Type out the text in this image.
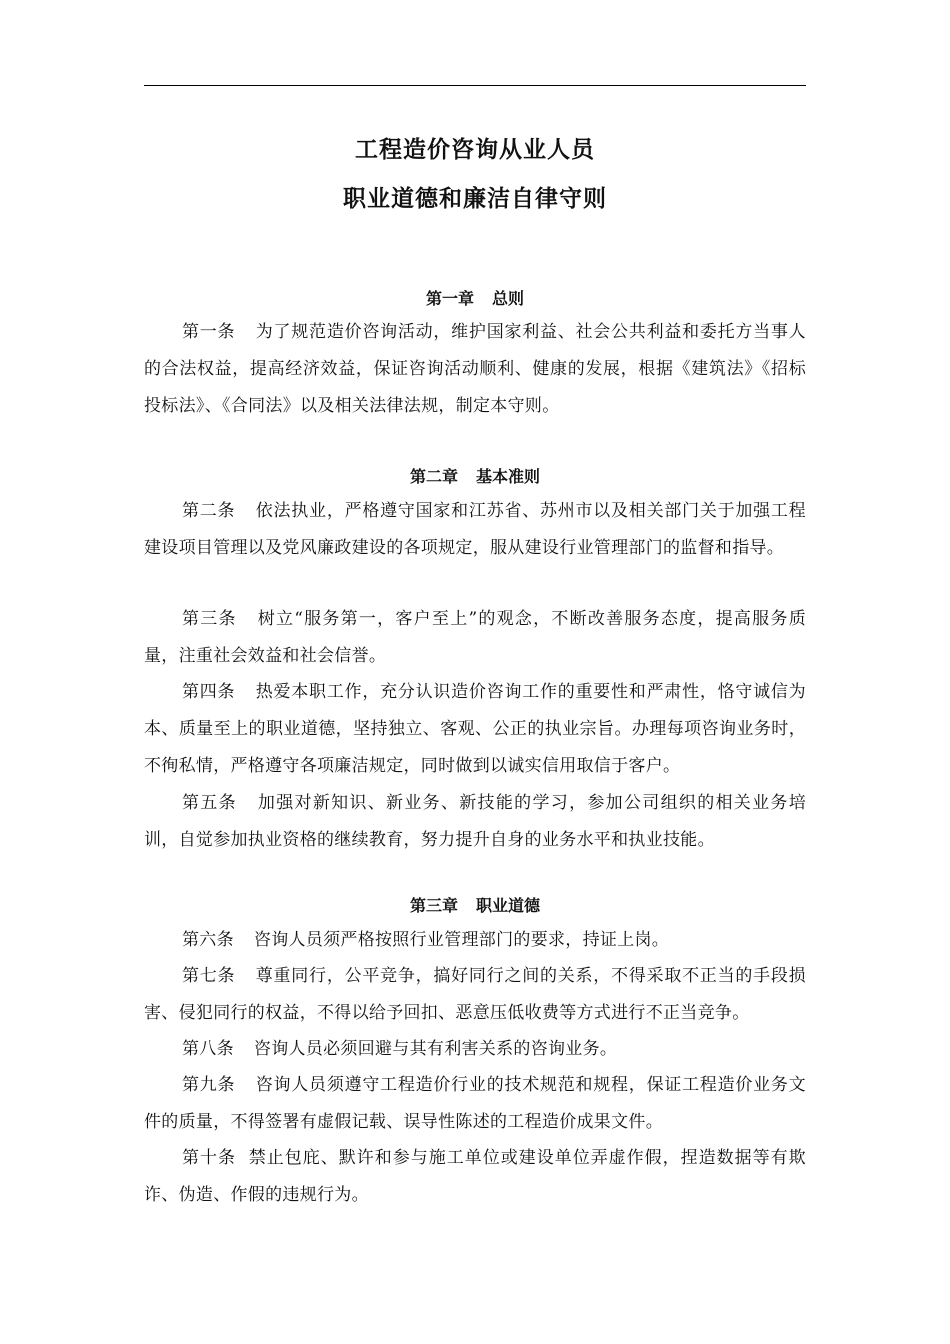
工程造价咨询从业人员
职业道德和廉洁自律守则
第一章 总则
第一条 为了规范造价咨询活动，维护国家利益、社会公共利益和委托方当事人的合法权益，提高经济效益，保证咨询活动顺利、健康的发展，根据《建筑法》《招标投标法》、《合同法》以及相关法律法规，制定本守则。
第二章 基本准则
第二条 依法执业，严格遵守国家和江苏省、苏州市以及相关部门关于加强工程建设项目管理以及党风廉政建设的各项规定，服从建设行业管理部门的监督和指导。
第三条 树立“服务第一，客户至上”的观念，不断改善服务态度，提高服务质量，注重社会效益和社会信誉。
第四条 热爱本职工作，充分认识造价咨询工作的重要性和严肃性，恪守诚信为本、质量至上的职业道德，坚持独立、客观、公正的执业宗旨。办理每项咨询业务时，不徇私情，严格遵守各项廉洁规定，同时做到以诚实信用取信于客户。
第五条 加强对新知识、新业务、新技能的学习，参加公司组织的相关业务培训，自觉参加执业资格的继续教育，努力提升自身的业务水平和执业技能。
第三章 职业道德
第六条 咨询人员须严格按照行业管理部门的要求，持证上岗。
第七条 尊重同行，公平竞争，搞好同行之间的关系，不得采取不正当的手段损害、侵犯同行的权益，不得以给予回扣、恶意压低收费等方式进行不正当竞争。
第八条 咨询人员必须回避与其有利害关系的咨询业务。
第九条 咨询人员须遵守工程造价行业的技术规范和规程，保证工程造价业务文件的质量，不得签署有虚假记载、误导性陈述的工程造价成果文件。
第十条 禁止包庇、默许和参与施工单位或建设单位弄虚作假，捏造数据等有欺诈、伪造、作假的违规行为。
